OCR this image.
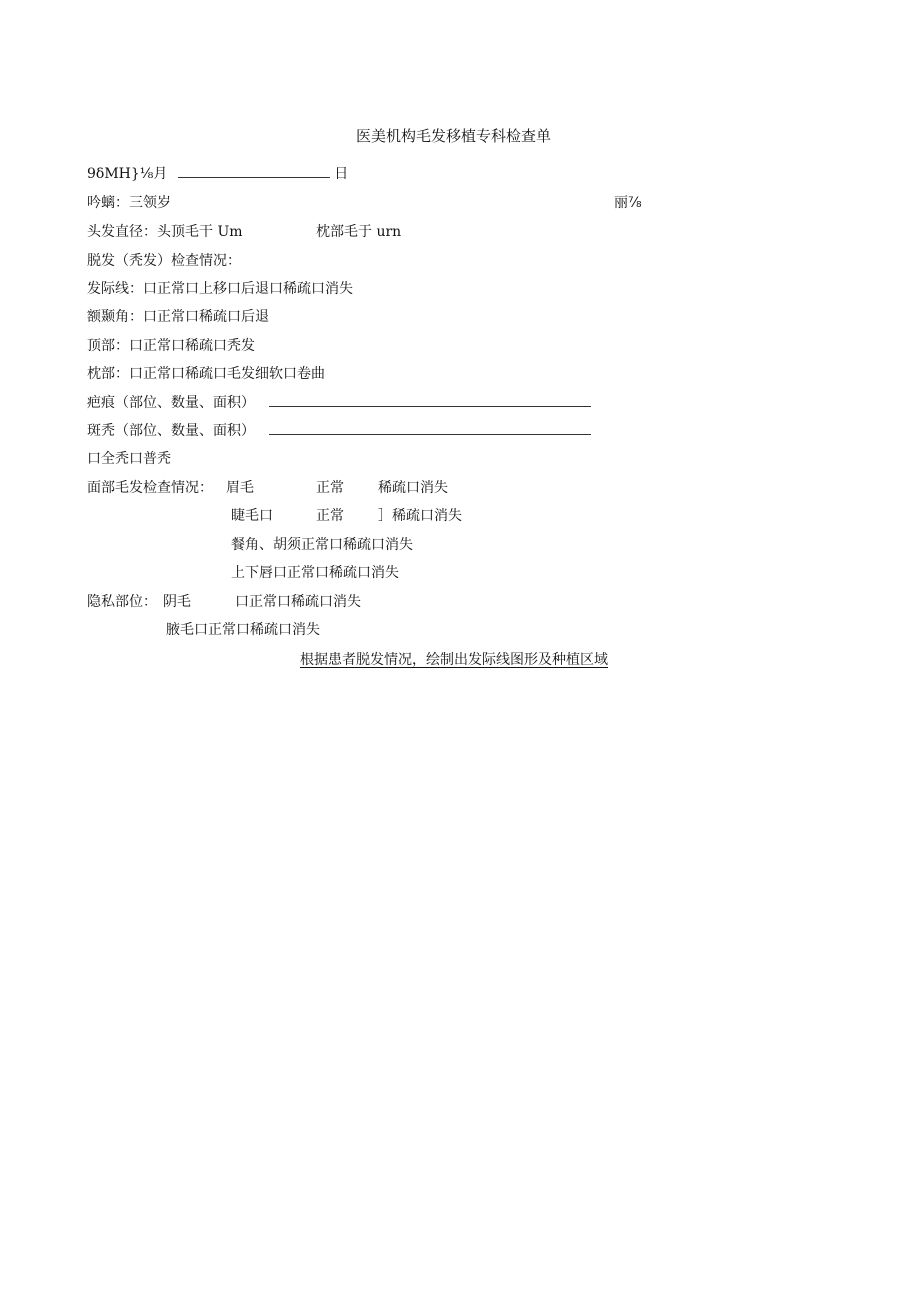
医美机构毛发移植专科检查单
9δMH}⅛月	日
吟螭：三领岁	丽⅞
头发直径：头顶毛干 Um	枕部毛于 urn
脱发（秃发）检查情况：
发际线：口正常口上移口后退口稀疏口消失
额颞角：口正常口稀疏口后退
顶部：口正常口稀疏口秃发
枕部：口正常口稀疏口毛发细软口卷曲
疤痕（部位、数量、面积）
斑秃（部位、数量、面积）
口全秃口普秃
面部毛发检查情况： 眉毛	正常 稀疏口消失
睫毛口	正常 ］稀疏口消失
餐角、胡须正常口稀疏口消失
上下唇口正常口稀疏口消失
隐私部位： 阴毛	口正常口稀疏口消失
腋毛口正常口稀疏口消失
根据患者脱发情况，绘制出发际线图形及种植区域
